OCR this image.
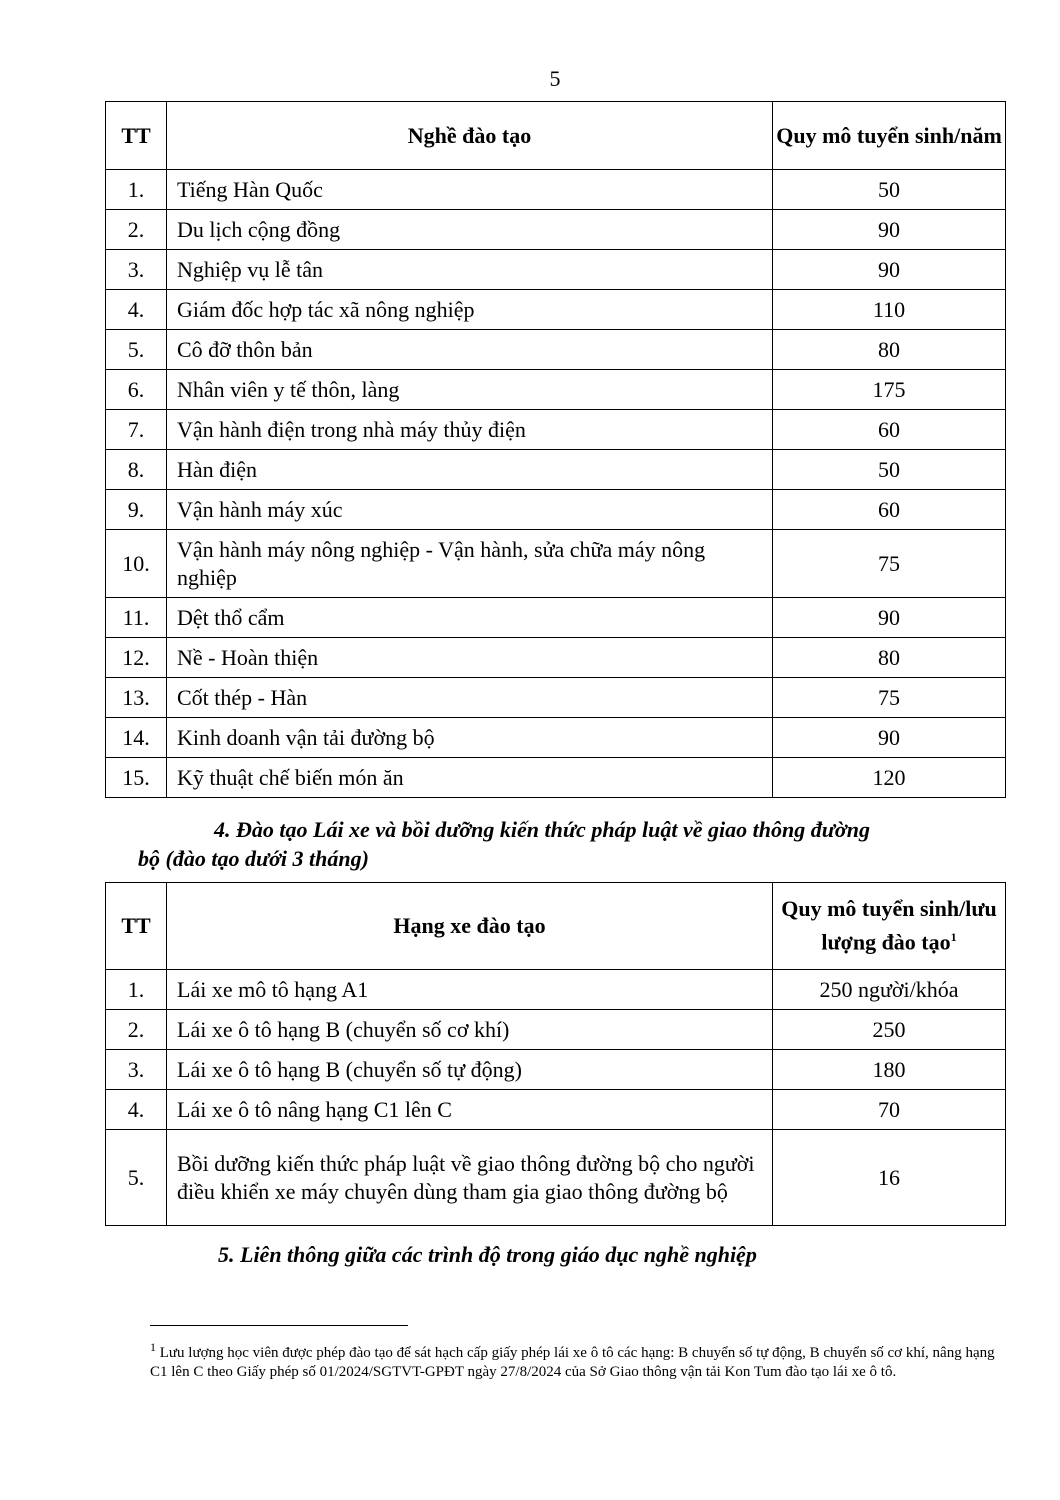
5
TT	Nghề đào tạo	Quy mô tuyển sinh/năm
1.	Tiếng Hàn Quốc	50
2.	Du lịch cộng đồng	90
3.	Nghiệp vụ lễ tân	90
4.	Giám đốc hợp tác xã nông nghiệp	110
5.	Cô đỡ thôn bản	80
6.	Nhân viên y tế thôn, làng	175
7.	Vận hành điện trong nhà máy thủy điện	60
8.	Hàn điện	50
9.	Vận hành máy xúc	60
10.	Vận hành máy nông nghiệp - Vận hành, sửa chữa máy nông nghiệp	75
11.	Dệt thổ cẩm	90
12.	Nề - Hoàn thiện	80
13.	Cốt thép - Hàn	75
14.	Kinh doanh vận tải đường bộ	90
15.	Kỹ thuật chế biến món ăn	120
4. Đào tạo Lái xe và bồi dưỡng kiến thức pháp luật về giao thông đường
bộ (đào tạo dưới 3 tháng)
TT	Hạng xe đào tạo	Quy mô tuyển sinh/lưu lượng đào tạo$^1$
1.	Lái xe mô tô hạng A1	250 người/khóa
2.	Lái xe ô tô hạng B (chuyển số cơ khí)	250
3.	Lái xe ô tô hạng B (chuyển số tự động)	180
4.	Lái xe ô tô nâng hạng C1 lên C	70
5.	Bồi dưỡng kiến thức pháp luật về giao thông đường bộ cho người điều khiển xe máy chuyên dùng tham gia giao thông đường bộ	16
5. Liên thông giữa các trình độ trong giáo dục nghề nghiệp
$^1$ Lưu lượng học viên được phép đào tạo để sát hạch cấp giấy phép lái xe ô tô các hạng: B chuyển số tự động, B chuyển số cơ khí, nâng hạng C1 lên C theo Giấy phép số 01/2024/SGTVT-GPĐT ngày 27/8/2024 của Sở Giao thông vận tải Kon Tum đào tạo lái xe ô tô.
